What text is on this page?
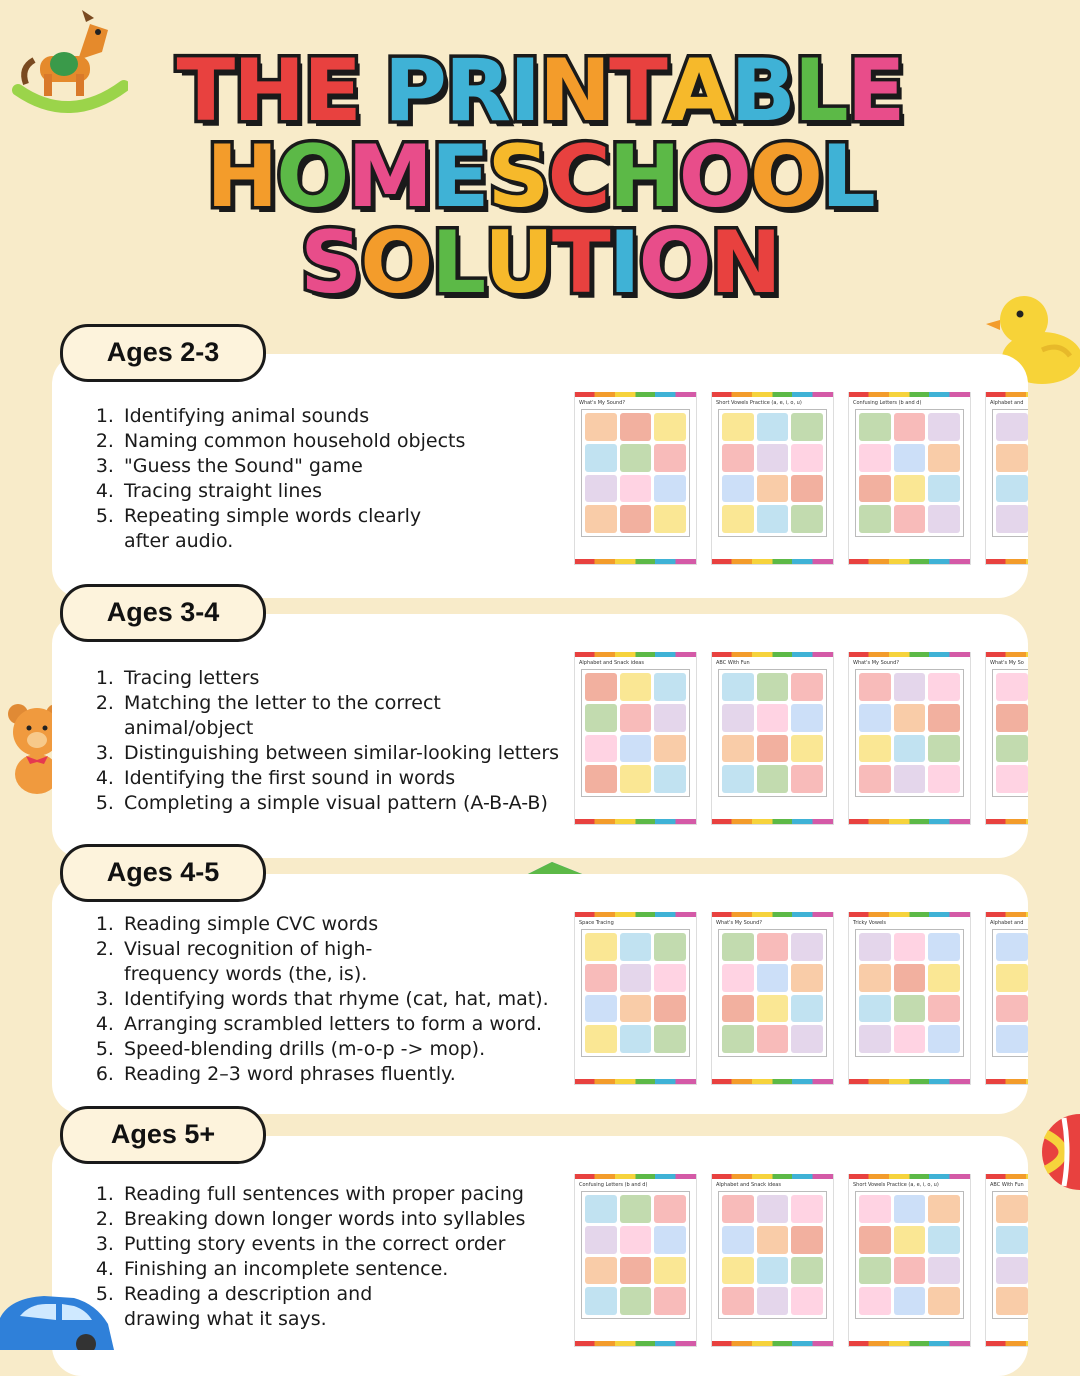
THE PRINTABLE
HOMESCHOOL
SOLUTION
Ages 2-3
1. Identifying animal sounds
2. Naming common household objects
3. "Guess the Sound" game
4. Tracing straight lines
5. Repeating simple words clearly after audio.
What's My Sound?	Short Vowels Practice (a, e, i, o, u)	Confusing Letters (b and d)	Alphabet and
Ages 3-4
1. Tracing letters
2. Matching the letter to the correct animal/object
3. Distinguishing between similar-looking letters
4. Identifying the first sound in words
5. Completing a simple visual pattern (A-B-A-B)
Alphabet and Snack ideas	ABC With Fun	What's My Sound?	What's My So
Ages 4-5
1. Reading simple CVC words
2. Visual recognition of high-frequency words (the, is).
3. Identifying words that rhyme (cat, hat, mat).
4. Arranging scrambled letters to form a word.
5. Speed-blending drills (m-o-p -> mop).
6. Reading 2–3 word phrases fluently.
Space Tracing	What's My Sound?	Tricky Vowels	Alphabet and
Ages 5+
1. Reading full sentences with proper pacing
2. Breaking down longer words into syllables
3. Putting story events in the correct order
4. Finishing an incomplete sentence.
5. Reading a description and drawing what it says.
Confusing Letters (b and d)	Alphabet and Snack ideas	Short Vowels Practice (a, e, i, o, u)	ABC With Fun
